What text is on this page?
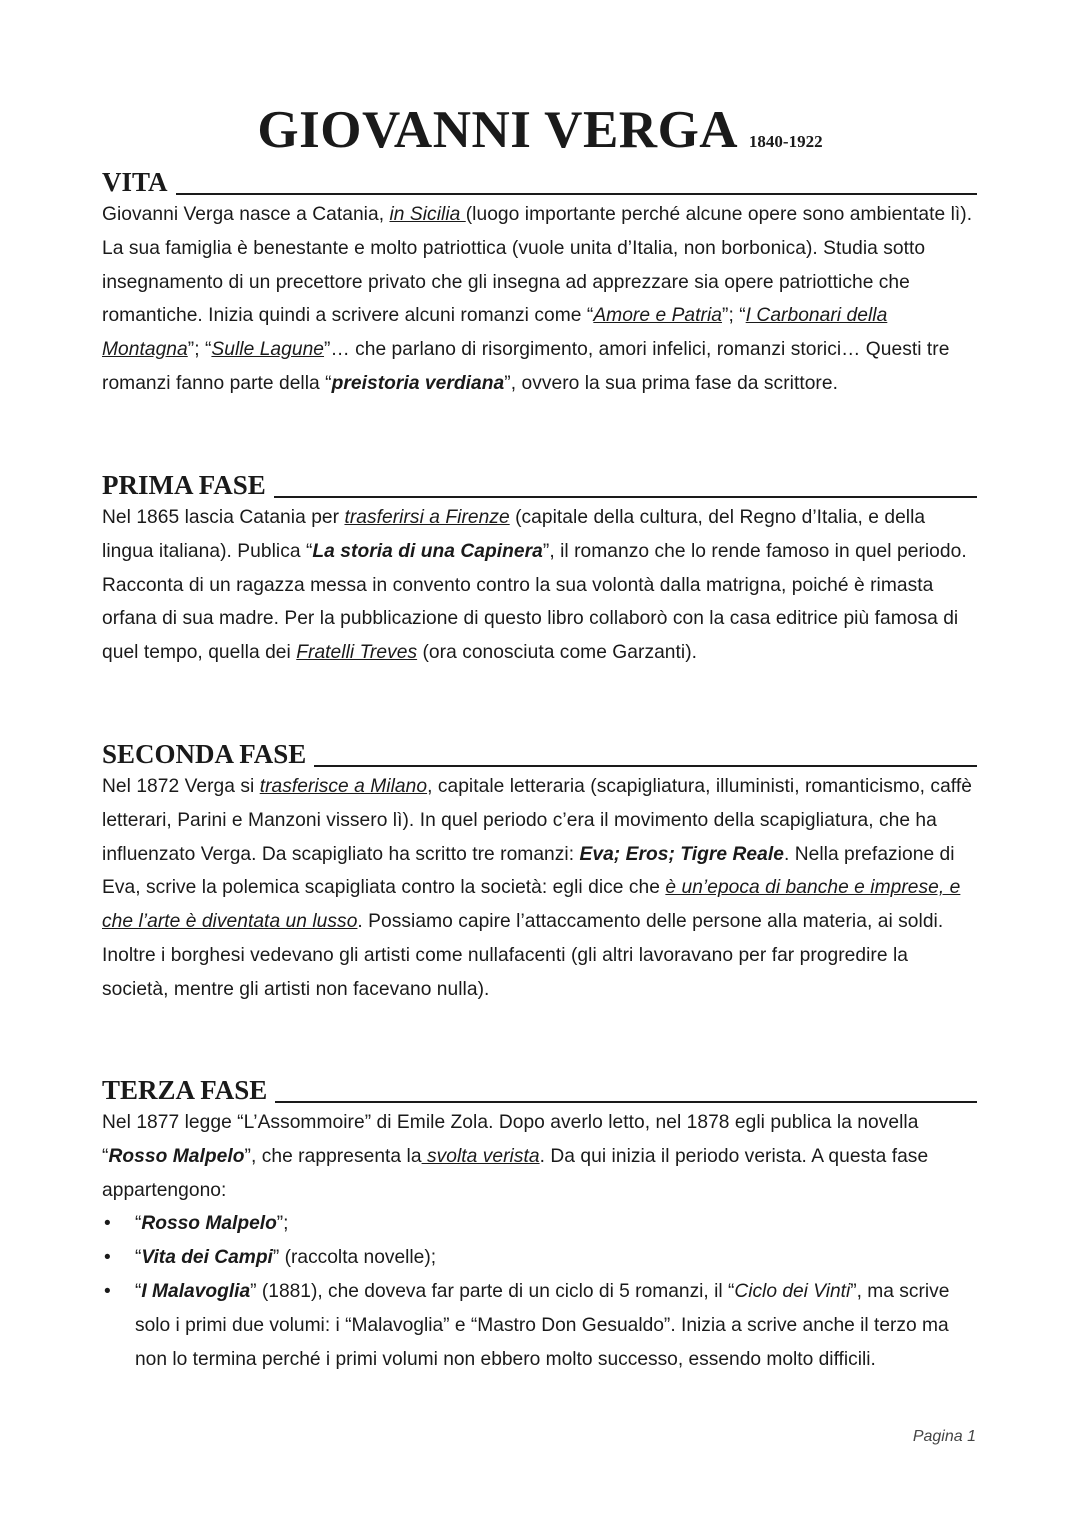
GIOVANNI VERGA 1840-1922
VITA

Giovanni Verga nasce a Catania, in Sicilia (luogo importante perché alcune opere sono ambientate lì). La sua famiglia è benestante e molto patriottica (vuole unita d’Italia, non borbonica). Studia sotto insegnamento di un precettore privato che gli insegna ad apprezzare sia opere patriottiche che romantiche. Inizia quindi a scrivere alcuni romanzi come “Amore e Patria”; “I Carbonari della Montagna”; “Sulle Lagune”… che parlano di risorgimento, amori infelici, romanzi storici… Questi tre romanzi fanno parte della “preistoria verdiana”, ovvero la sua prima fase da scrittore.

PRIMA FASE

Nel 1865 lascia Catania per trasferirsi a Firenze (capitale della cultura, del Regno d’Italia, e della lingua italiana). Publica “La storia di una Capinera”, il romanzo che lo rende famoso in quel periodo. Racconta di un ragazza messa in convento contro la sua volontà dalla matrigna, poiché è rimasta orfana di sua madre. Per la pubblicazione di questo libro collaborò con la casa editrice più famosa di quel tempo, quella dei Fratelli Treves (ora conosciuta come Garzanti).

SECONDA FASE

Nel 1872 Verga si trasferisce a Milano, capitale letteraria (scapigliatura, illuministi, romanticismo, caffè letterari, Parini e Manzoni vissero lì). In quel periodo c’era il movimento della scapigliatura, che ha influenzato Verga. Da scapigliato ha scritto tre romanzi: Eva; Eros; Tigre Reale. Nella prefazione di Eva, scrive la polemica scapigliata contro la società: egli dice che è un’epoca di banche e imprese, e che l’arte è diventata un lusso. Possiamo capire l’attaccamento delle persone alla materia, ai soldi. Inoltre i borghesi vedevano gli artisti come nullafacenti (gli altri lavoravano per far progredire la società, mentre gli artisti non facevano nulla).

TERZA FASE

Nel 1877 legge “L’Assommoire” di Emile Zola. Dopo averlo letto, nel 1878 egli publica la novella “Rosso Malpelo”, che rappresenta la svolta verista. Da qui inizia il periodo verista. A questa fase appartengono:

• “Rosso Malpelo”;
• “Vita dei Campi” (raccolta novelle);
• “I Malavoglia” (1881), che doveva far parte di un ciclo di 5 romanzi, il “Ciclo dei Vinti”, ma scrive solo i primi due volumi: i “Malavoglia” e “Mastro Don Gesualdo”. Inizia a scrive anche il terzo ma non lo termina perché i primi volumi non ebbero molto successo, essendo molto difficili.
Pagina 1
